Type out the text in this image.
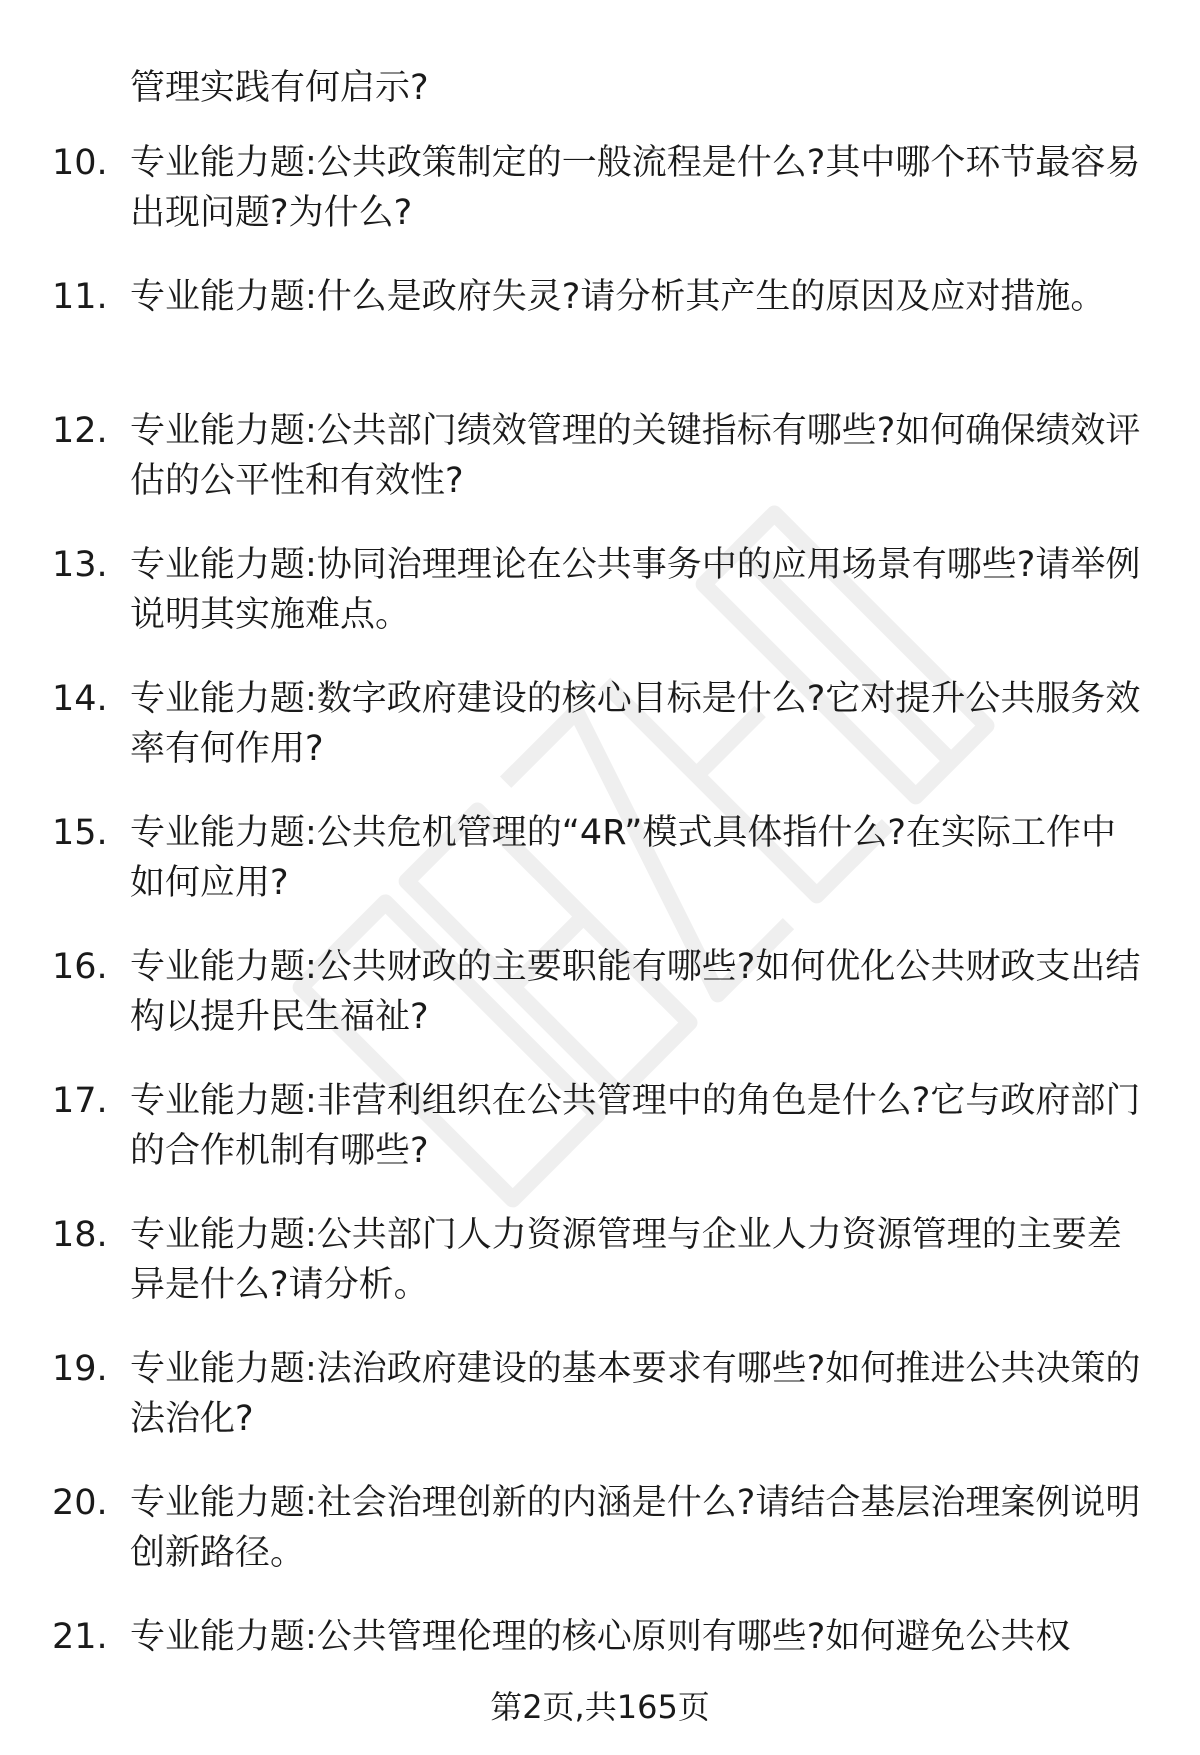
管理实践有何启示?

10. 专业能力题:公共政策制定的一般流程是什么?其中哪个环节最容易出现问题?为什么?
11. 专业能力题:什么是政府失灵?请分析其产生的原因及应对措施。
12. 专业能力题:公共部门绩效管理的关键指标有哪些?如何确保绩效评估的公平性和有效性?
13. 专业能力题:协同治理理论在公共事务中的应用场景有哪些?请举例说明其实施难点。
14. 专业能力题:数字政府建设的核心目标是什么?它对提升公共服务效率有何作用?
15. 专业能力题:公共危机管理的“4R”模式具体指什么?在实际工作中如何应用?
16. 专业能力题:公共财政的主要职能有哪些?如何优化公共财政支出结构以提升民生福祉?
17. 专业能力题:非营利组织在公共管理中的角色是什么?它与政府部门的合作机制有哪些?
18. 专业能力题:公共部门人力资源管理与企业人力资源管理的主要差异是什么?请分析。
19. 专业能力题:法治政府建设的基本要求有哪些?如何推进公共决策的法治化?
20. 专业能力题:社会治理创新的内涵是什么?请结合基层治理案例说明创新路径。
21. 专业能力题:公共管理伦理的核心原则有哪些?如何避免公共权
第2页,共165页
